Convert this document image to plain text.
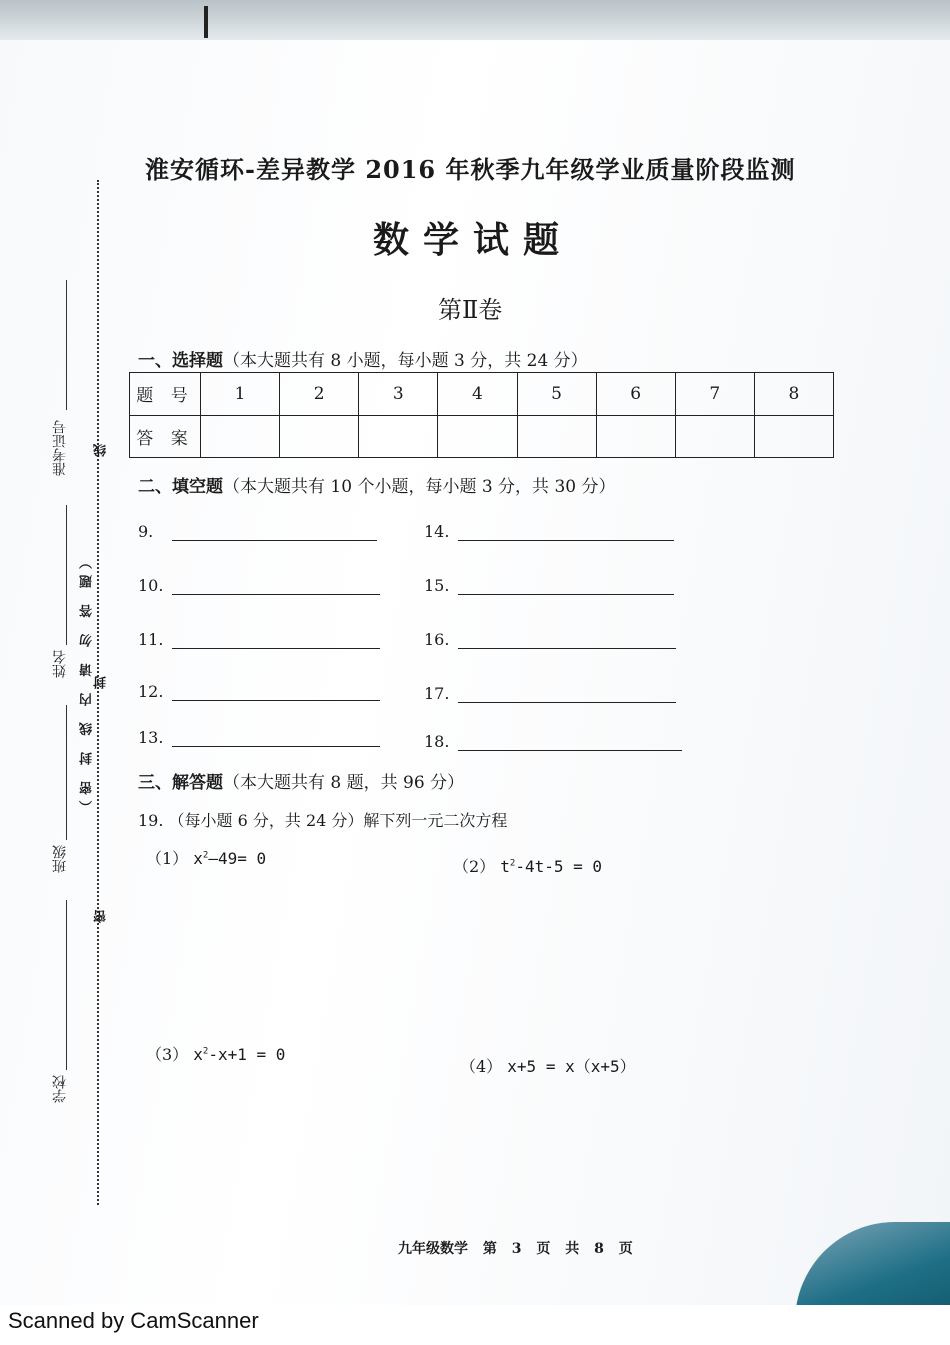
线
封
密
（密 封 线 内 请 勿 答 题）
准考证号
姓名
班级
学校
淮安循环-差异教学 2016 年秋季九年级学业质量阶段监测
数学试题
第Ⅱ卷
一、选择题（本大题共有 8 小题，每小题 3 分，共 24 分）
题 号	1	2	3	4	5	6	7	8
答 案								
二、填空题（本大题共有 10 个小题，每小题 3 分，共 30 分）
9.
10.
11.
12.
13.
14.
15.
16.
17.
18.
三、解答题（本大题共有 8 题，共 96 分）
19. （每小题 6 分，共 24 分）解下列一元二次方程
（1） $x^2—49= 0$	（2） $t^2-4t-5 = 0$
（3） $x^2-x+1 = 0$
（4） x+5 = x（x+5）
九年级数学 第 3 页 共 8 页
Scanned by CamScanner
